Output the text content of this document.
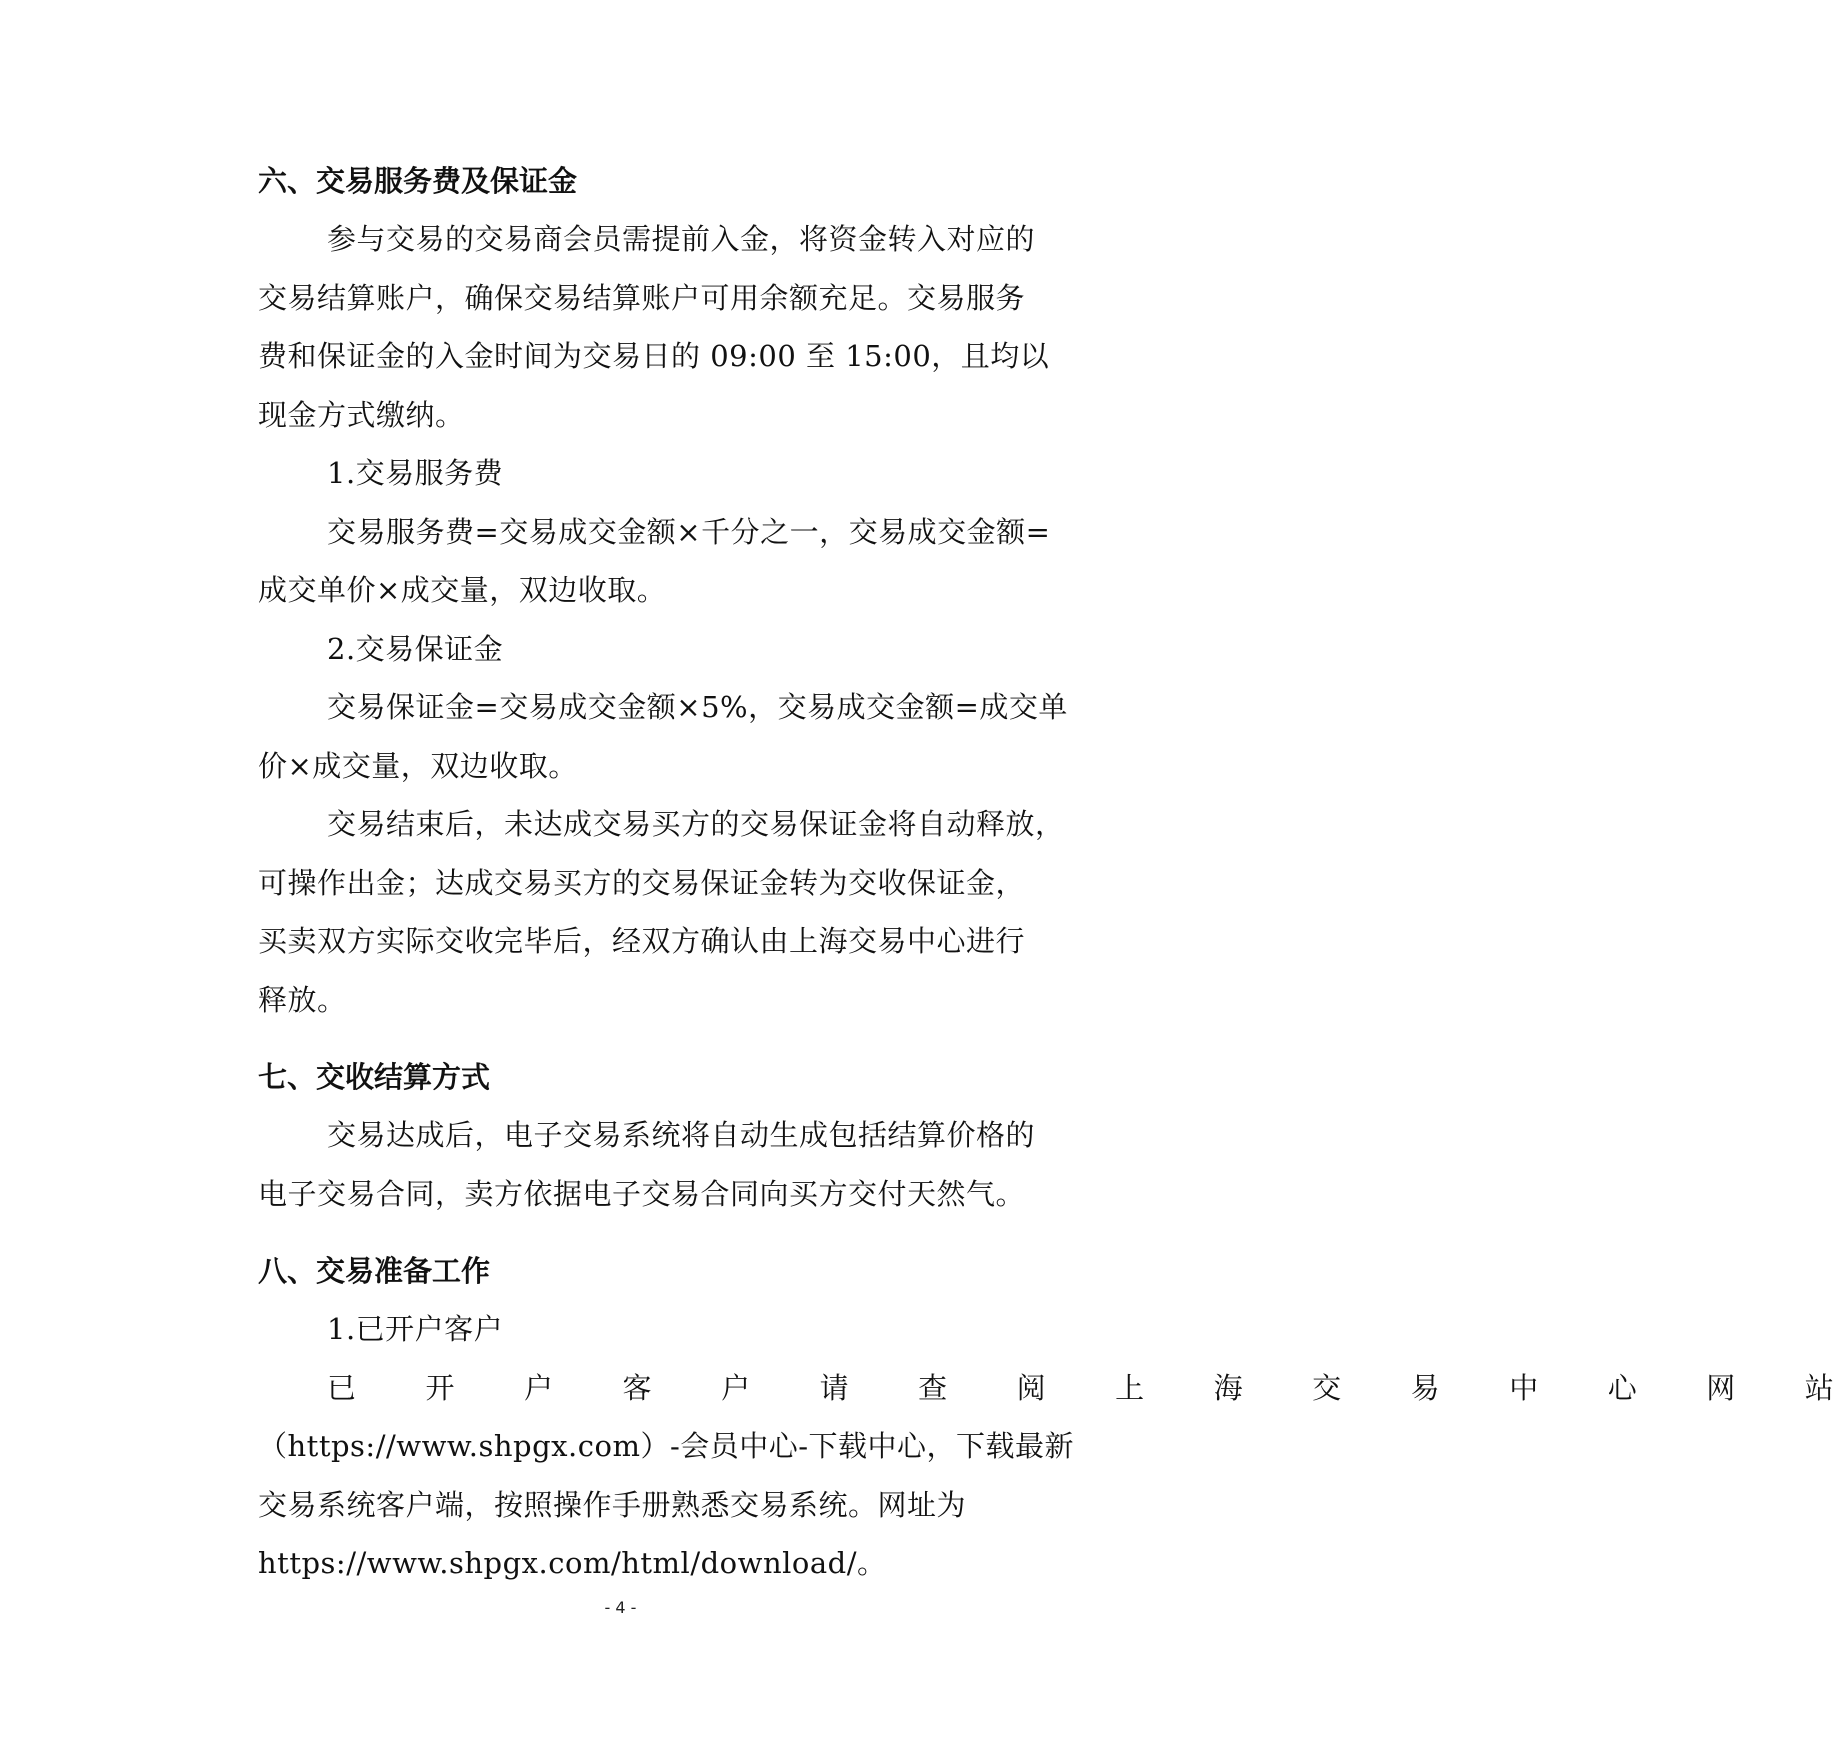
六、交易服务费及保证金
参与交易的交易商会员需提前入金，将资金转入对应的
交易结算账户，确保交易结算账户可用余额充足。交易服务
费和保证金的入金时间为交易日的 09:00 至 15:00，且均以
现金方式缴纳。
1.交易服务费
交易服务费=交易成交金额×千分之一，交易成交金额=
成交单价×成交量，双边收取。
2.交易保证金
交易保证金=交易成交金额×5%，交易成交金额=成交单
价×成交量，双边收取。
交易结束后，未达成交易买方的交易保证金将自动释放，
可操作出金；达成交易买方的交易保证金转为交收保证金，
买卖双方实际交收完毕后，经双方确认由上海交易中心进行
释放。
七、交收结算方式
交易达成后，电子交易系统将自动生成包括结算价格的
电子交易合同，卖方依据电子交易合同向买方交付天然气。
八、交易准备工作
1.已开户客户
已	开	户	客	户	请	查	阅	上	海	交	易	中	心	网	站
（https://www.shpgx.com）-会员中心-下载中心，下载最新
交易系统客户端，按照操作手册熟悉交易系统。网址为
https://www.shpgx.com/html/download/。
- 4 -
